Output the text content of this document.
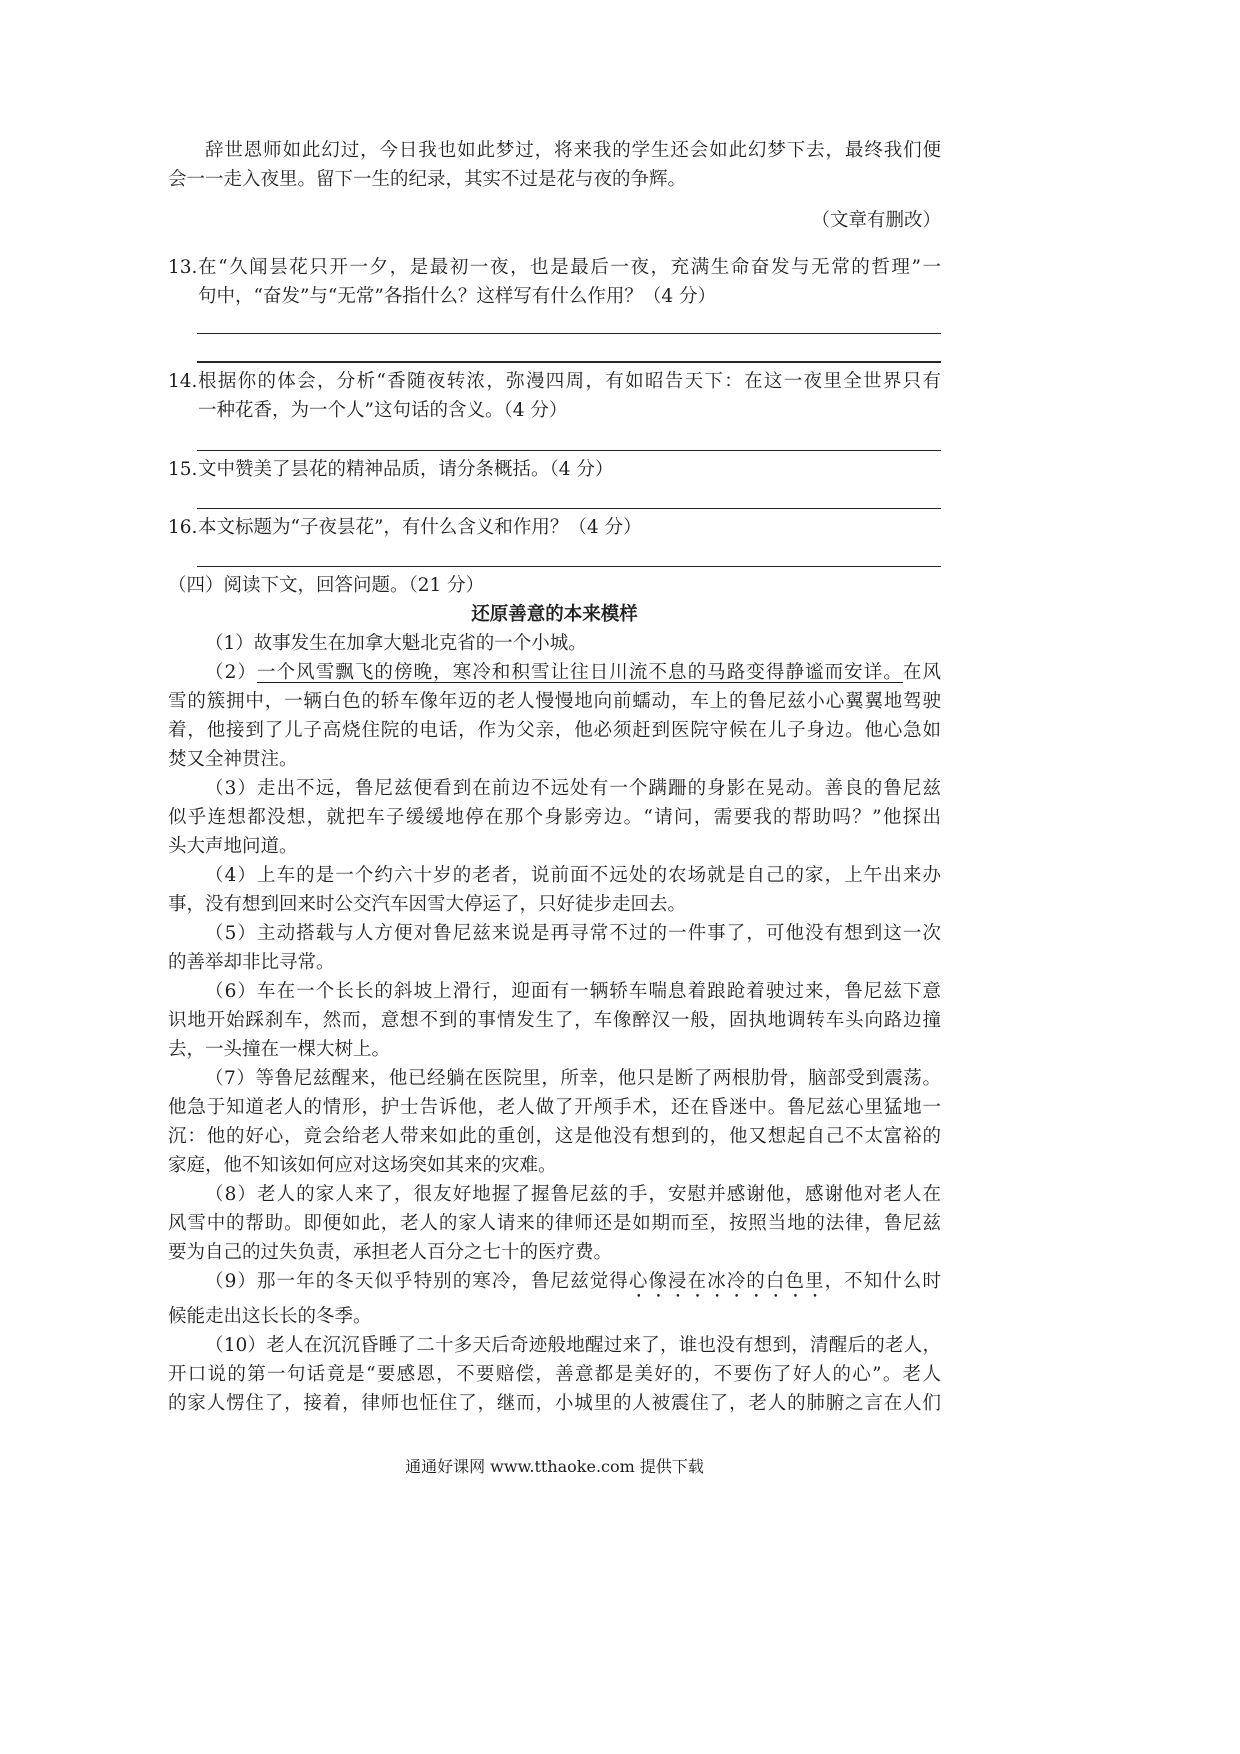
辞世恩师如此幻过，今日我也如此梦过，将来我的学生还会如此幻梦下去，最终我们便
会一一走入夜里。留下一生的纪录，其实不过是花与夜的争辉。
（文章有删改）
13. 在“久闻昙花只开一夕，是最初一夜，也是最后一夜，充满生命奋发与无常的哲理”一
句中，“奋发”与“无常”各指什么？这样写有什么作用？（4 分）
14. 根据你的体会，分析“香随夜转浓，弥漫四周，有如昭告天下：在这一夜里全世界只有
一种花香，为一个人”这句话的含义。（4 分）
15. 文中赞美了昙花的精神品质，请分条概括。（4 分）
16. 本文标题为“子夜昙花”，有什么含义和作用？（4 分）
（四）阅读下文，回答问题。（21 分）
还原善意的本来模样
（1）故事发生在加拿大魁北克省的一个小城。
（2）一个风雪飘飞的傍晚，寒冷和积雪让往日川流不息的马路变得静谧而安详。在风
雪的簇拥中，一辆白色的轿车像年迈的老人慢慢地向前蠕动，车上的鲁尼兹小心翼翼地驾驶
着，他接到了儿子高烧住院的电话，作为父亲，他必须赶到医院守候在儿子身边。他心急如
焚又全神贯注。
（3）走出不远，鲁尼兹便看到在前边不远处有一个蹒跚的身影在晃动。善良的鲁尼兹
似乎连想都没想，就把车子缓缓地停在那个身影旁边。“请问，需要我的帮助吗？”他探出
头大声地问道。
（4）上车的是一个约六十岁的老者，说前面不远处的农场就是自己的家，上午出来办
事，没有想到回来时公交汽车因雪大停运了，只好徒步走回去。
（5）主动搭载与人方便对鲁尼兹来说是再寻常不过的一件事了，可他没有想到这一次
的善举却非比寻常。
（6）车在一个长长的斜坡上滑行，迎面有一辆轿车喘息着踉跄着驶过来，鲁尼兹下意
识地开始踩刹车，然而，意想不到的事情发生了，车像醉汉一般，固执地调转车头向路边撞
去，一头撞在一棵大树上。
（7）等鲁尼兹醒来，他已经躺在医院里，所幸，他只是断了两根肋骨，脑部受到震荡。
他急于知道老人的情形，护士告诉他，老人做了开颅手术，还在昏迷中。鲁尼兹心里猛地一
沉：他的好心，竟会给老人带来如此的重创，这是他没有想到的，他又想起自己不太富裕的
家庭，他不知该如何应对这场突如其来的灾难。
（8）老人的家人来了，很友好地握了握鲁尼兹的手，安慰并感谢他，感谢他对老人在
风雪中的帮助。即便如此，老人的家人请来的律师还是如期而至，按照当地的法律，鲁尼兹
要为自己的过失负责，承担老人百分之七十的医疗费。
（9）那一年的冬天似乎特别的寒冷，鲁尼兹觉得心像浸在冰冷的白色里，不知什么时
候能走出这长长的冬季。
（10）老人在沉沉昏睡了二十多天后奇迹般地醒过来了，谁也没有想到，清醒后的老人，
开口说的第一句话竟是“要感恩，不要赔偿，善意都是美好的，不要伤了好人的心”。老人
的家人愣住了，接着，律师也怔住了，继而，小城里的人被震住了，老人的肺腑之言在人们
通通好课网 www.tthaoke.com 提供下载
